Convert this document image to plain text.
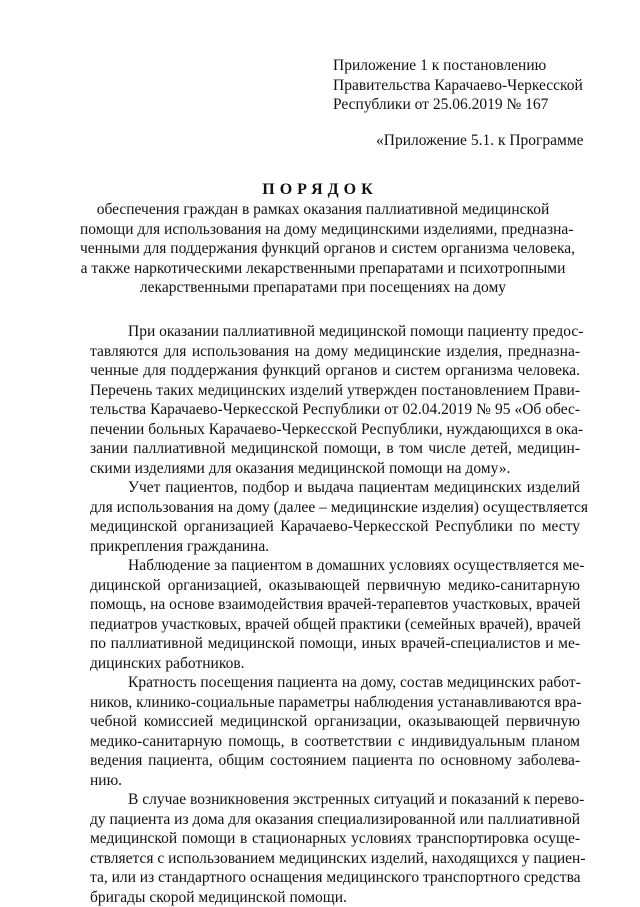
Приложение 1 к постановлению
Правительства Карачаево-Черкесской
Республики от 25.06.2019 № 167
«Приложение 5.1. к Программе
ПОРЯДОК
обеспечения граждан в рамках оказания паллиативной медицинской
помощи для использования на дому медицинскими изделиями, предназна-
ченными для поддержания функций органов и систем организма человека,
а также наркотическими лекарственными препаратами и психотропными
лекарственными препаратами при посещениях на дому
При оказании паллиативной медицинской помощи пациенту предос-
тавляются для использования на дому медицинские изделия, предназна-
ченные для поддержания функций органов и систем организма человека.
Перечень таких медицинских изделий утвержден постановлением Прави-
тельства Карачаево-Черкесской Республики от 02.04.2019 № 95 «Об обес-
печении больных Карачаево-Черкесской Республики, нуждающихся в ока-
зании паллиативной медицинской помощи, в том числе детей, медицин-
скими изделиями для оказания медицинской помощи на дому».
Учет пациентов, подбор и выдача пациентам медицинских изделий
для использования на дому (далее – медицинские изделия) осуществляется
медицинской организацией Карачаево-Черкесской Республики по месту
прикрепления гражданина.
Наблюдение за пациентом в домашних условиях осуществляется ме-
дицинской организацией, оказывающей первичную медико-санитарную
помощь, на основе взаимодействия врачей-терапевтов участковых, врачей
педиатров участковых, врачей общей практики (семейных врачей), врачей
по паллиативной медицинской помощи, иных врачей-специалистов и ме-
дицинских работников.
Кратность посещения пациента на дому, состав медицинских работ-
ников, клинико-социальные параметры наблюдения устанавливаются вра-
чебной комиссией медицинской организации, оказывающей первичную
медико-санитарную помощь, в соответствии с индивидуальным планом
ведения пациента, общим состоянием пациента по основному заболева-
нию.
В случае возникновения экстренных ситуаций и показаний к перево-
ду пациента из дома для оказания специализированной или паллиативной
медицинской помощи в стационарных условиях транспортировка осуще-
ствляется с использованием медицинских изделий, находящихся у пациен-
та, или из стандартного оснащения медицинского транспортного средства
бригады скорой медицинской помощи.
